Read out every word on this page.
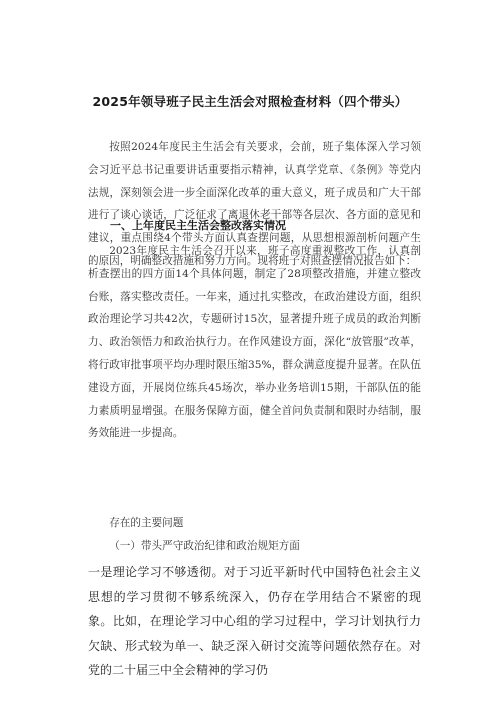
2025年领导班子民主生活会对照检查材料（四个带头）

按照2024年度民主生活会有关要求，会前，班子集体深入学习领会习近平总书记重要讲话重要指示精神，认真学党章、《条例》等党内法规，深刻领会进一步全面深化改革的重大意义，班子成员和广大干部进行了谈心谈话，广泛征求了离退休老干部等各层次、各方面的意见和建议，重点围绕4个带头方面认真查摆问题，从思想根源剖析问题产生的原因，明确整改措施和努力方向。现将班子对照查摆情况报告如下：

一、上年度民主生活会整改落实情况

2023年度民主生活会召开以来，班子高度重视整改工作，认真剖析查摆出的四方面14个具体问题，制定了28项整改措施，并建立整改台账，落实整改责任。一年来，通过扎实整改，在政治建设方面，组织政治理论学习共42次，专题研讨15次，显著提升班子成员的政治判断力、政治领悟力和政治执行力。在作风建设方面，深化“放管服”改革，将行政审批事项平均办理时限压缩35%，群众满意度提升显著。在队伍建设方面，开展岗位练兵45场次，举办业务培训15期，干部队伍的能力素质明显增强。在服务保障方面，健全首问负责制和限时办结制，服务效能进一步提高。

存在的主要问题
（一）带头严守政治纪律和政治规矩方面

一是理论学习不够透彻。对于习近平新时代中国特色社会主义思想的学习贯彻不够系统深入，仍存在学用结合不紧密的现象。比如，在理论学习中心组的学习过程中，学习计划执行力欠缺、形式较为单一、缺乏深入研讨交流等问题依然存在。对党的二十届三中全会精神的学习仍
